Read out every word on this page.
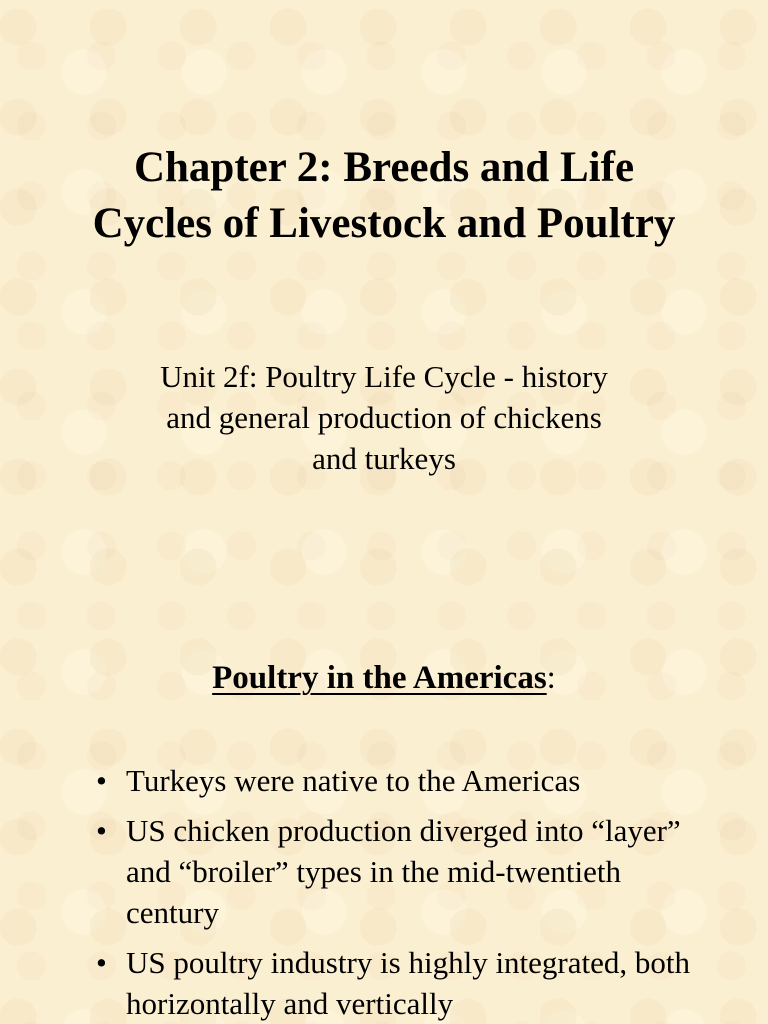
Chapter 2: Breeds and Life
Cycles of Livestock and Poultry

Unit 2f: Poultry Life Cycle - history
and general production of chickens
and turkeys

Poultry in the Americas:
• Turkeys were native to the Americas
• US chicken production diverged into “layer” and “broiler” types in the mid-twentieth century
• US poultry industry is highly integrated, both horizontally and vertically
